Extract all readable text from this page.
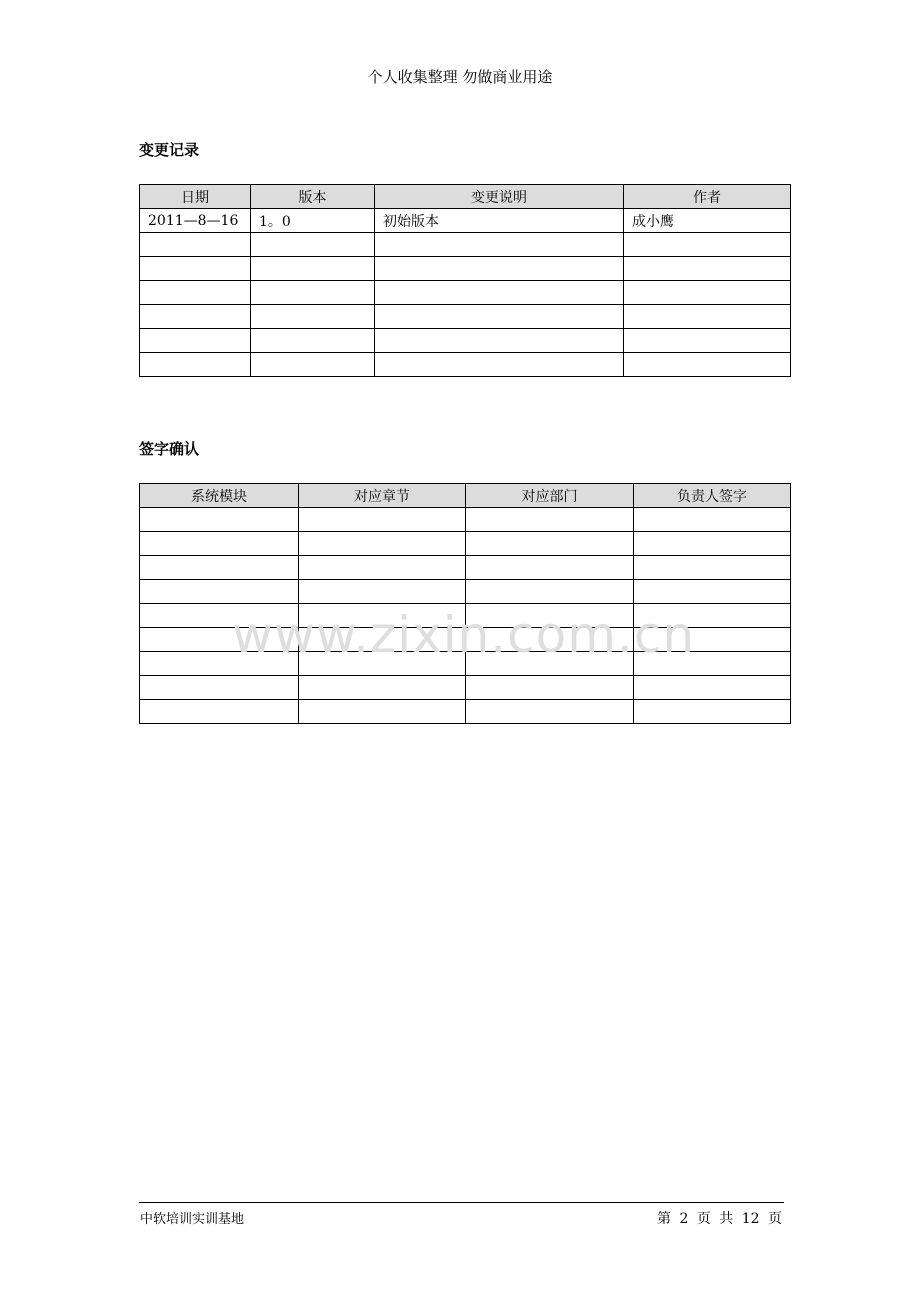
个人收集整理 勿做商业用途
变更记录
日期	版本	变更说明	作者
2011—8—16	1。0	初始版本	成小鹰

签字确认
系统模块	对应章节	对应部门	负责人签字

www.zixin.com.cn
中软培训实训基地	第 2 页 共 12 页
